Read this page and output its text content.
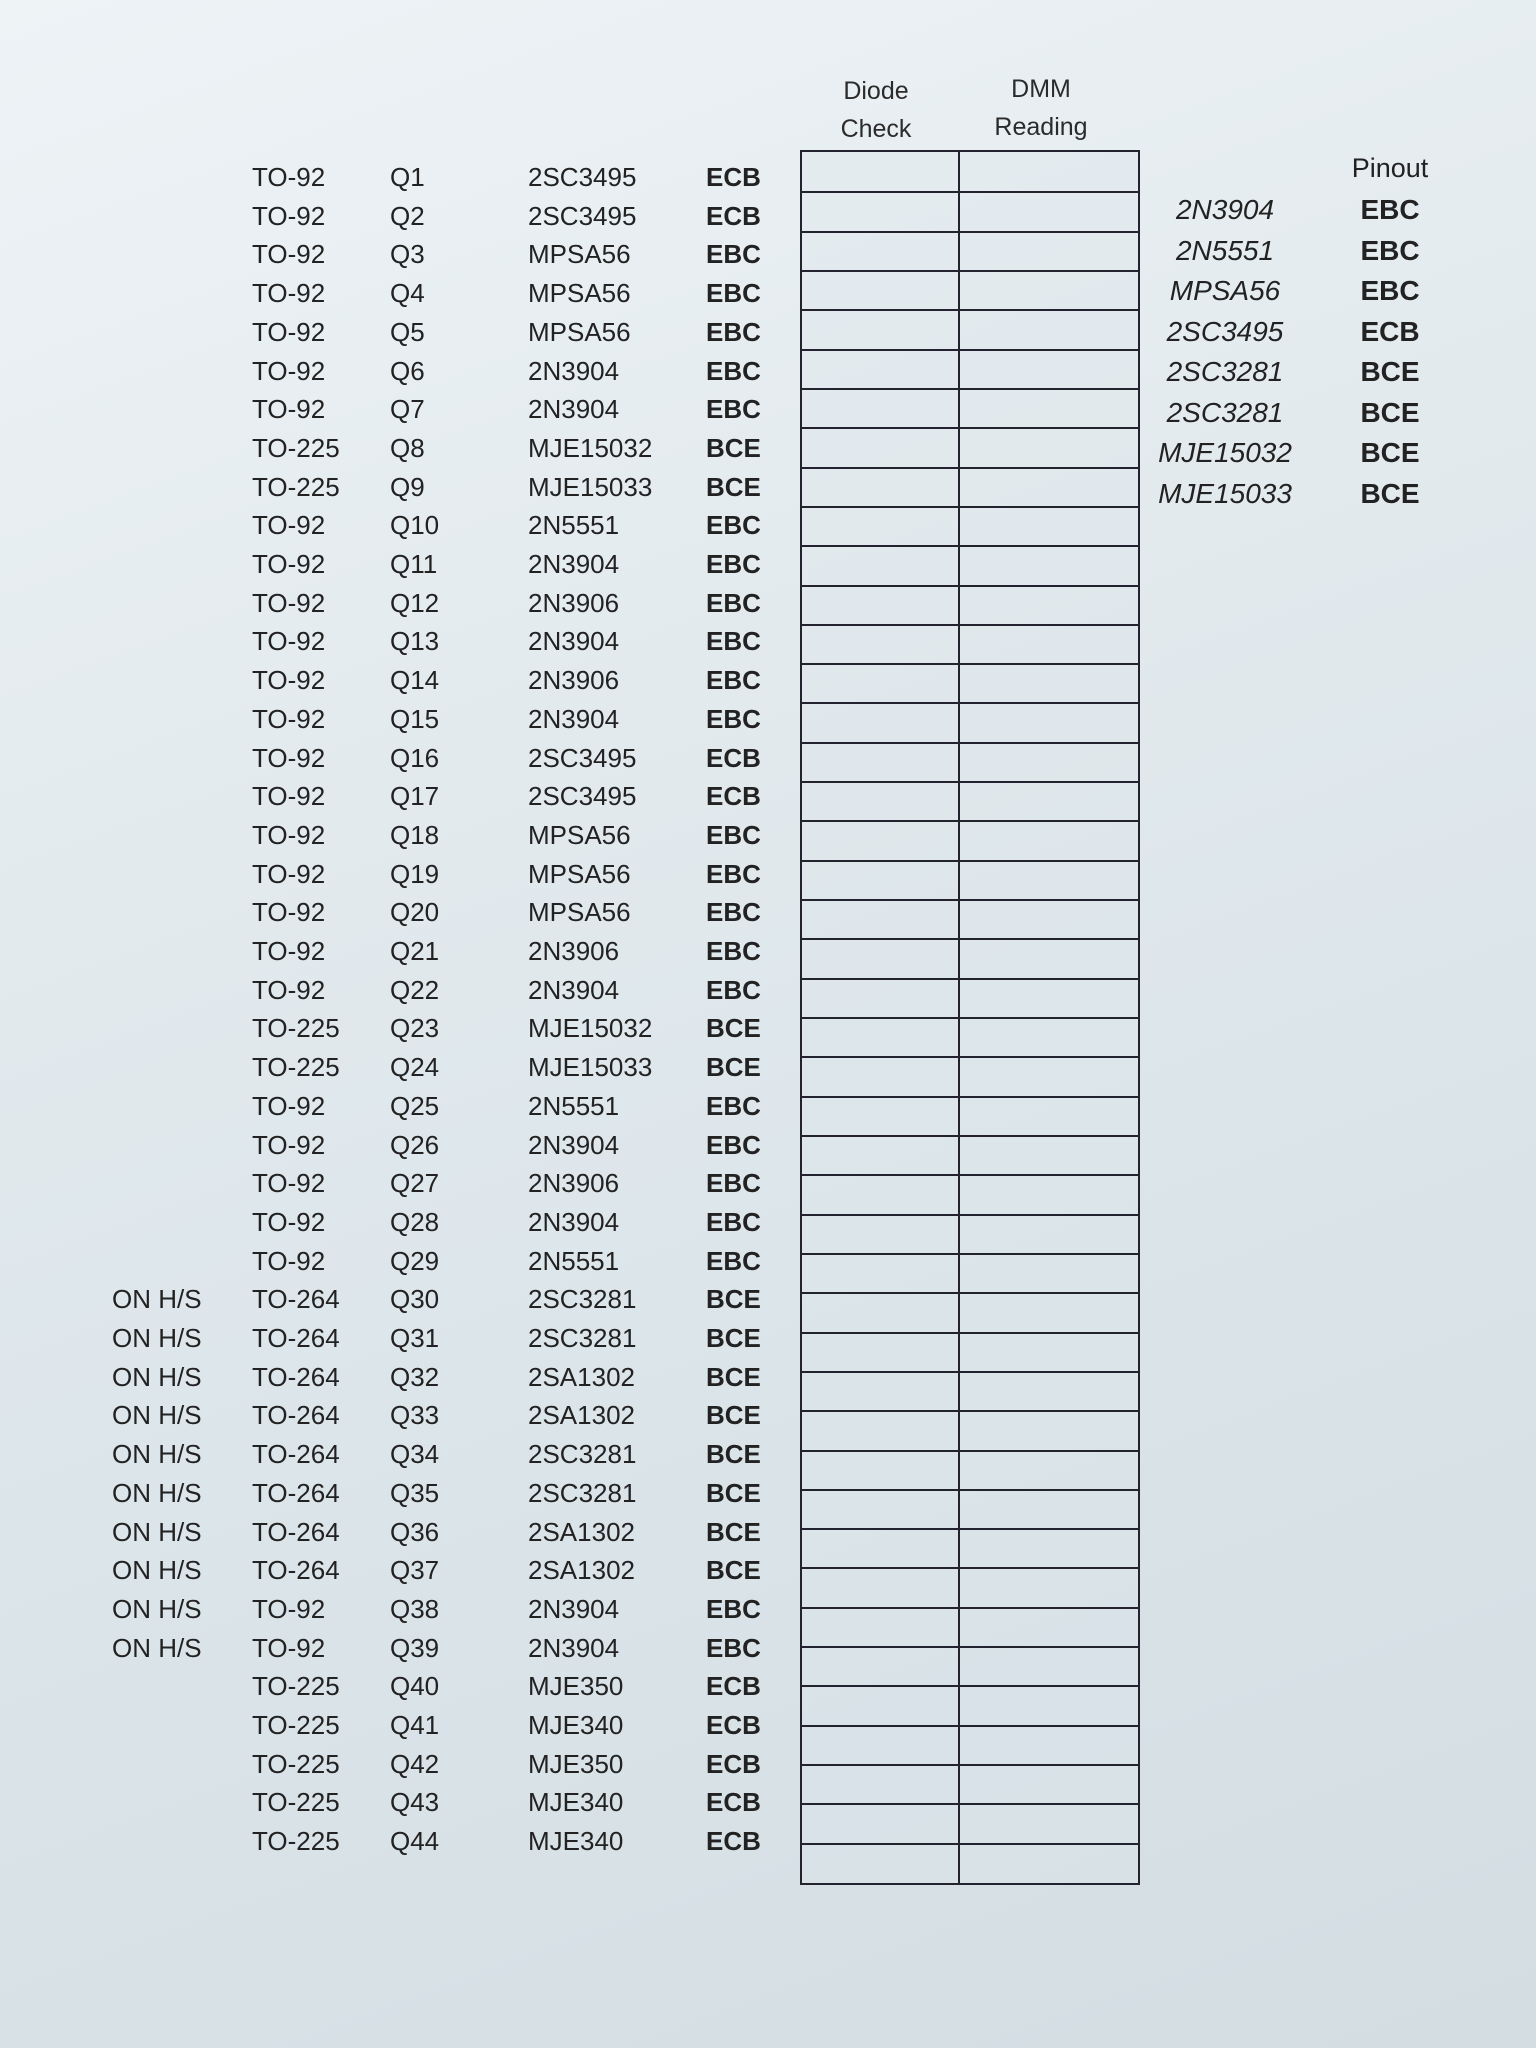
Diode
Check
DMM
Reading
TO-92 Q1	2SC3495	ECB
TO-92 Q2	2SC3495	ECB
TO-92 Q3	MPSA56	EBC
TO-92 Q4	MPSA56	EBC
TO-92 Q5	MPSA56	EBC
TO-92 Q6	2N3904	EBC
TO-92 Q7	2N3904	EBC
TO-225 Q8	MJE15032 BCE
TO-225 Q9	MJE15033 BCE
TO-92 Q10	2N5551	EBC
TO-92 Q11	2N3904	EBC
TO-92 Q12	2N3906	EBC
TO-92 Q13	2N3904	EBC
TO-92 Q14	2N3906	EBC
TO-92 Q15	2N3904	EBC
TO-92 Q16	2SC3495	ECB
TO-92 Q17	2SC3495	ECB
TO-92 Q18	MPSA56	EBC
TO-92 Q19	MPSA56	EBC
TO-92 Q20	MPSA56	EBC
TO-92 Q21	2N3906	EBC
TO-92 Q22	2N3904	EBC
TO-225 Q23	MJE15032 BCE
TO-225 Q24	MJE15033 BCE
TO-92 Q25	2N5551	EBC
TO-92 Q26	2N3904	EBC
TO-92 Q27	2N3906	EBC
TO-92 Q28	2N3904	EBC
TO-92 Q29	2N5551	EBC
ON H/S TO-264 Q30	2SC3281	BCE
ON H/S TO-264 Q31	2SC3281	BCE
ON H/S TO-264 Q32	2SA1302	BCE
ON H/S TO-264 Q33	2SA1302	BCE
ON H/S TO-264 Q34	2SC3281	BCE
ON H/S TO-264 Q35	2SC3281	BCE
ON H/S TO-264 Q36	2SA1302	BCE
ON H/S TO-264 Q37	2SA1302	BCE
ON H/S TO-92 Q38	2N3904	EBC
ON H/S TO-92 Q39	2N3904	EBC
TO-225 Q40	MJE350	ECB
TO-225 Q41	MJE340	ECB
TO-225 Q42	MJE350	ECB
TO-225 Q43	MJE340	ECB
TO-225 Q44	MJE340	ECB
Pinout
2N3904	EBC
2N5551	EBC
MPSA56	EBC
2SC3495	ECB
2SC3281	BCE
2SC3281	BCE
MJE15032	BCE
MJE15033	BCE
